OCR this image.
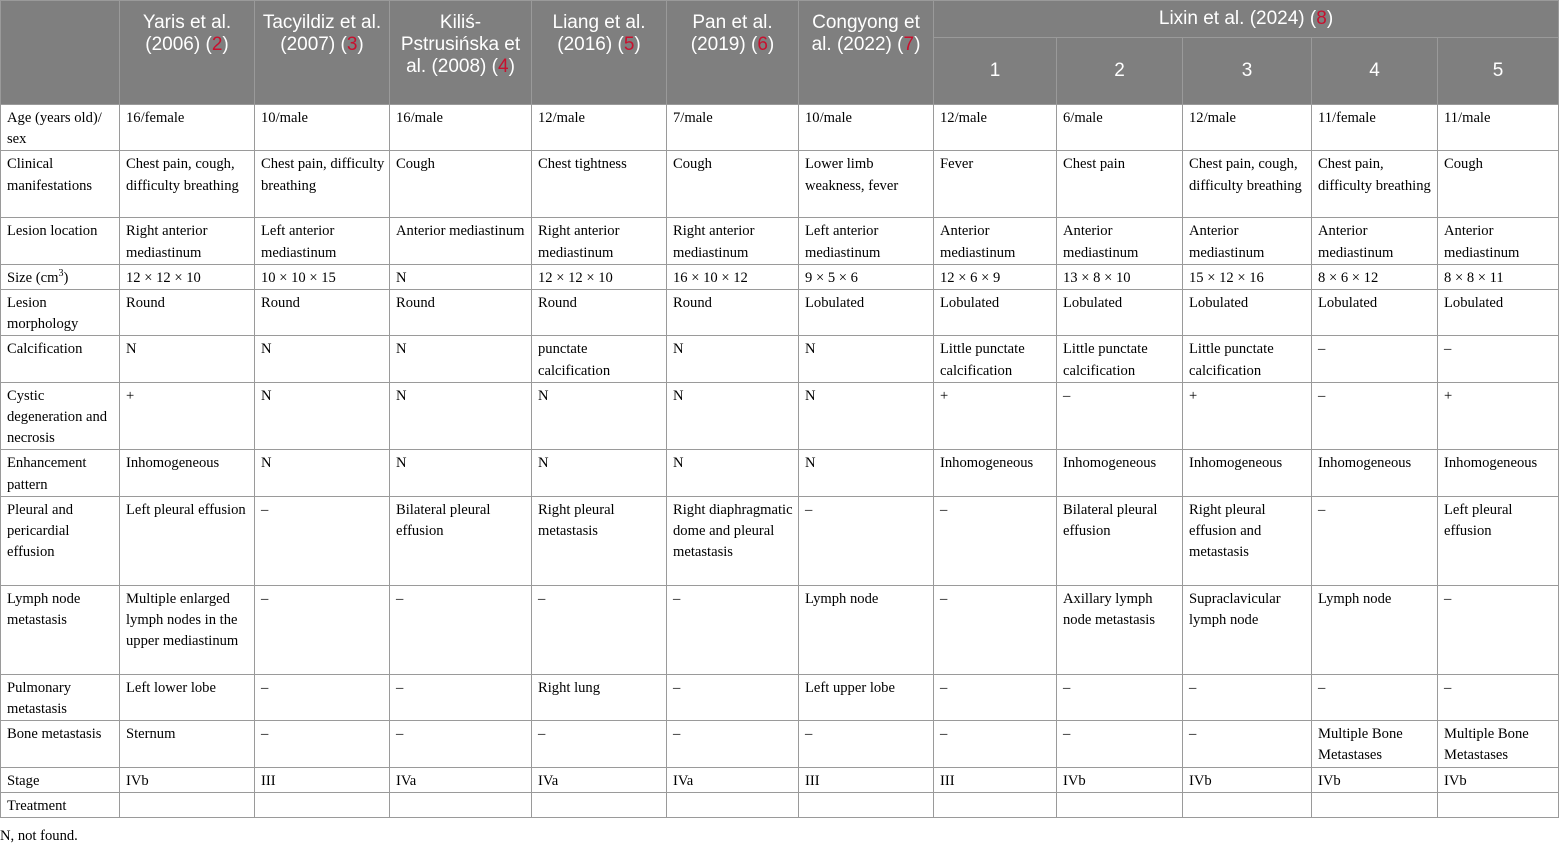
	Yaris et al. (2006) (2)	Tacyildiz et al. (2007) (3)	Kiliś-Pstrusińska et al. (2008) (4)	Liang et al. (2016) (5)	Pan et al. (2019) (6)	Congyong et al. (2022) (7)	Lixin et al. (2024) (8)				
							1	2	3	4	5
Age (years old)/ sex	16/female	10/male	16/male	12/male	7/male	10/male	12/male	6/male	12/male	11/female	11/male
Clinical manifestations	Chest pain, cough, difficulty breathing	Chest pain, difficulty breathing	Cough	Chest tightness	Cough	Lower limb weakness, fever	Fever	Chest pain	Chest pain, cough, difficulty breathing	Chest pain, difficulty breathing	Cough
Lesion location	Right anterior mediastinum	Left anterior mediastinum	Anterior mediastinum	Right anterior mediastinum	Right anterior mediastinum	Left anterior mediastinum	Anterior mediastinum	Anterior mediastinum	Anterior mediastinum	Anterior mediastinum	Anterior mediastinum
Size $(cm^3)$	12 × 12 × 10	10 × 10 × 15	N	12 × 12 × 10	16 × 10 × 12	9 × 5 × 6	12 × 6 × 9	13 × 8 × 10	15 × 12 × 16	8 × 6 × 12	8 × 8 × 11
Lesion morphology	Round	Round	Round	Round	Round	Lobulated	Lobulated	Lobulated	Lobulated	Lobulated	Lobulated
Calcification	N	N	N	punctate calcification	N	N	Little punctate calcification	Little punctate calcification	Little punctate calcification	–	–
Cystic degeneration and necrosis	+	N	N	N	N	N	+	–	+	–	+
Enhancement pattern	Inhomogeneous	N	N	N	N	N	Inhomogeneous	Inhomogeneous	Inhomogeneous	Inhomogeneous	Inhomogeneous
Pleural and pericardial effusion	Left pleural effusion	–	Bilateral pleural effusion	Right pleural metastasis	Right diaphragmatic dome and pleural metastasis	–	–	Bilateral pleural effusion	Right pleural effusion and metastasis	–	Left pleural effusion
Lymph node metastasis	Multiple enlarged lymph nodes in the upper mediastinum	–	–	–	–	Lymph node	–	Axillary lymph node metastasis	Supraclavicular lymph node	Lymph node	–
Pulmonary metastasis	Left lower lobe	–	–	Right lung	–	Left upper lobe	–	–	–	–	–
Bone metastasis	Sternum	–	–	–	–	–	–	–	–	Multiple Bone Metastases	Multiple Bone Metastases
Stage	IVb	III	IVa	IVa	IVa	III	III	IVb	IVb	IVb	IVb
Treatment											
N, not found.
